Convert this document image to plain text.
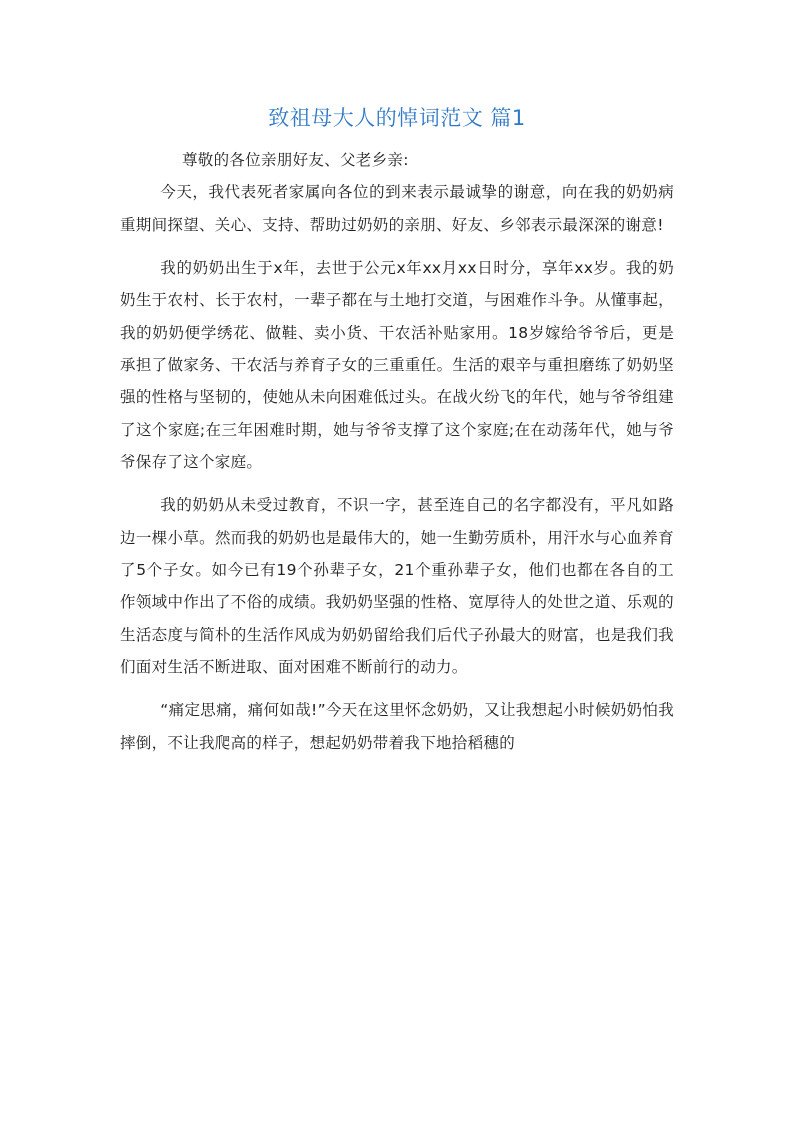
致祖母大人的悼词范文 篇1

尊敬的各位亲朋好友、父老乡亲:

今天，我代表死者家属向各位的到来表示最诚挚的谢意，向在我的奶奶病重期间探望、关心、支持、帮助过奶奶的亲朋、好友、乡邻表示最深深的谢意!

我的奶奶出生于x年，去世于公元x年xx月xx日时分，享年xx岁。我的奶奶生于农村、长于农村，一辈子都在与土地打交道，与困难作斗争。从懂事起，我的奶奶便学绣花、做鞋、卖小货、干农活补贴家用。18岁嫁给爷爷后，更是承担了做家务、干农活与养育子女的三重重任。生活的艰辛与重担磨练了奶奶坚强的性格与坚韧的，使她从未向困难低过头。在战火纷飞的年代，她与爷爷组建了这个家庭;在三年困难时期，她与爷爷支撑了这个家庭;在在动荡年代，她与爷爷保存了这个家庭。

我的奶奶从未受过教育，不识一字，甚至连自己的名字都没有，平凡如路边一棵小草。然而我的奶奶也是最伟大的，她一生勤劳质朴，用汗水与心血养育了5个子女。如今已有19个孙辈子女，21个重孙辈子女，他们也都在各自的工作领域中作出了不俗的成绩。我奶奶坚强的性格、宽厚待人的处世之道、乐观的生活态度与简朴的生活作风成为奶奶留给我们后代子孙最大的财富，也是我们我们面对生活不断进取、面对困难不断前行的动力。

“痛定思痛，痛何如哉!”今天在这里怀念奶奶，又让我想起小时候奶奶怕我摔倒，不让我爬高的样子，想起奶奶带着我下地拾稻穗的
